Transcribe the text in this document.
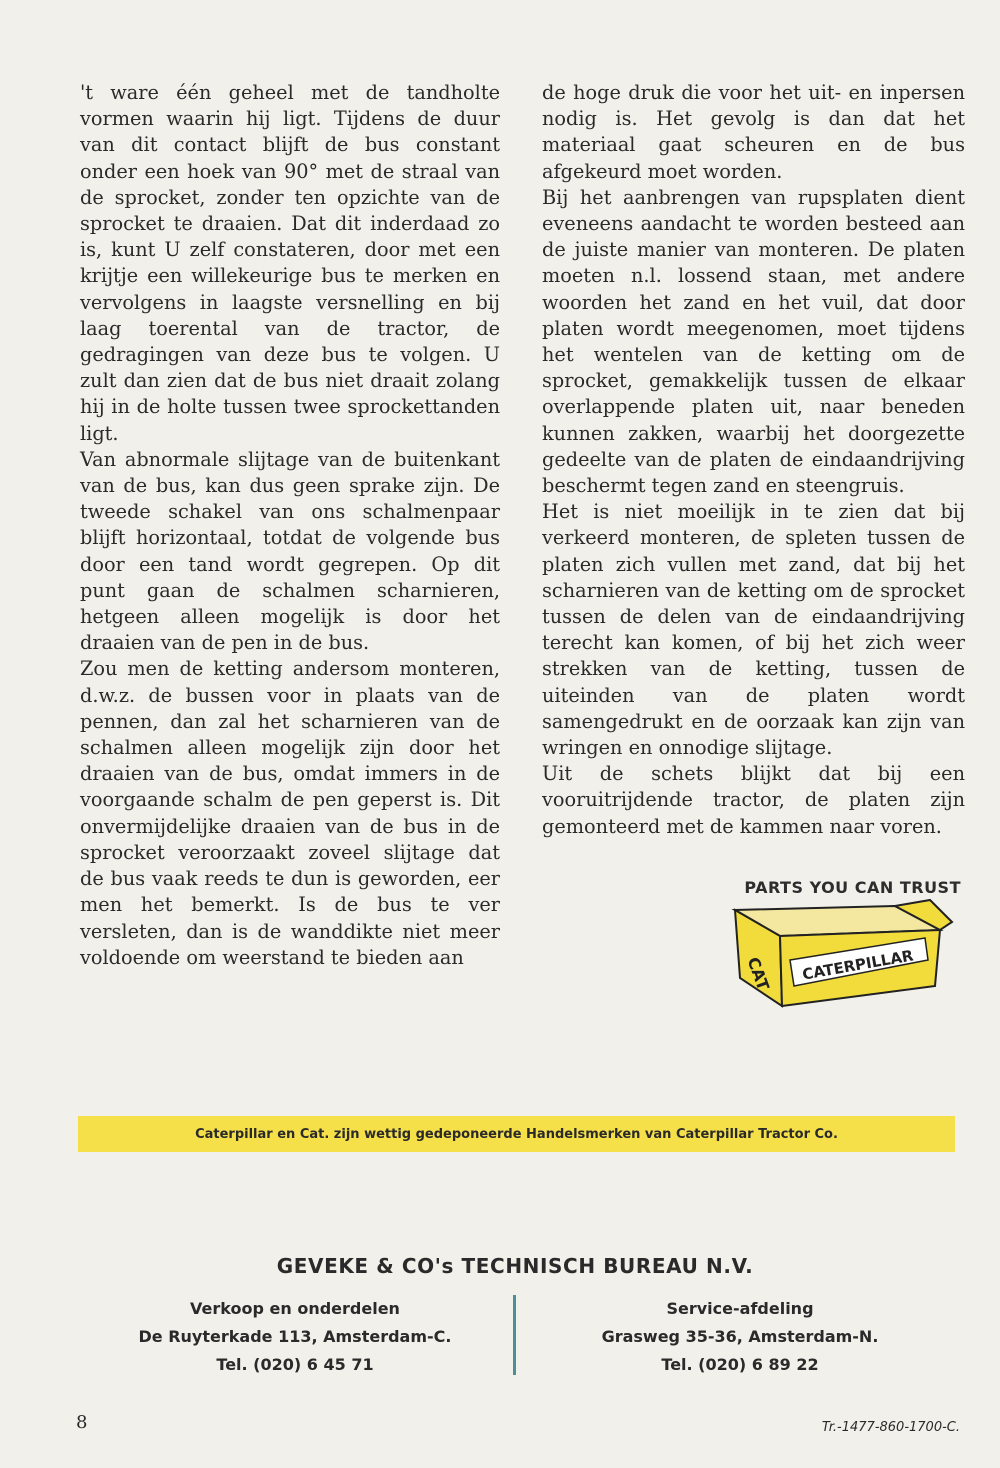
't ware één geheel met de tandholte vormen waarin hij ligt. Tijdens de duur van dit contact blijft de bus constant onder een hoek van 90° met de straal van de sprocket, zonder ten opzichte van de sprocket te draaien. Dat dit inderdaad zo is, kunt U zelf constateren, door met een krijtje een willekeurige bus te merken en vervolgens in laagste versnelling en bij laag toerental van de tractor, de gedragingen van deze bus te volgen. U zult dan zien dat de bus niet draait zolang hij in de holte tussen twee sprockettanden ligt.

Van abnormale slijtage van de buitenkant van de bus, kan dus geen sprake zijn. De tweede schakel van ons schalmenpaar blijft horizontaal, totdat de volgende bus door een tand wordt gegrepen. Op dit punt gaan de schalmen scharnieren, hetgeen alleen mogelijk is door het draaien van de pen in de bus.

Zou men de ketting andersom monteren, d.w.z. de bussen voor in plaats van de pennen, dan zal het scharnieren van de schalmen alleen mogelijk zijn door het draaien van de bus, omdat immers in de voorgaande schalm de pen geperst is. Dit onvermijdelijke draaien van de bus in de sprocket veroorzaakt zoveel slijtage dat de bus vaak reeds te dun is geworden, eer men het bemerkt. Is de bus te ver versleten, dan is de wanddikte niet meer voldoende om weerstand te bieden aan

de hoge druk die voor het uit- en inpersen nodig is. Het gevolg is dan dat het materiaal gaat scheuren en de bus afgekeurd moet worden.

Bij het aanbrengen van rupsplaten dient eveneens aandacht te worden besteed aan de juiste manier van monteren. De platen moeten n.l. lossend staan, met andere woorden het zand en het vuil, dat door platen wordt meegenomen, moet tijdens het wentelen van de ketting om de sprocket, gemakkelijk tussen de elkaar overlappende platen uit, naar beneden kunnen zakken, waarbij het doorgezette gedeelte van de platen de eindaandrijving beschermt tegen zand en steengruis.

Het is niet moeilijk in te zien dat bij verkeerd monteren, de spleten tussen de platen zich vullen met zand, dat bij het scharnieren van de ketting om de sprocket tussen de delen van de eindaandrijving terecht kan komen, of bij het zich weer strekken van de ketting, tussen de uiteinden van de platen wordt samengedrukt en de oorzaak kan zijn van wringen en onnodige slijtage.

Uit de schets blijkt dat bij een vooruitrijdende tractor, de platen zijn gemonteerd met de kammen naar voren.

CATERPILLAR
CAT
PARTS YOU CAN TRUST
Caterpillar en Cat. zijn wettig gedeponeerde Handelsmerken van Caterpillar Tractor Co.
GEVEKE & CO's TECHNISCH BUREAU N.V.
Verkoop en onderdelen
De Ruyterkade 113, Amsterdam-C.
Tel. (020) 6 45 71
Service-afdeling
Grasweg 35-36, Amsterdam-N.
Tel. (020) 6 89 22
8	Tr.-1477-860-1700-C.
